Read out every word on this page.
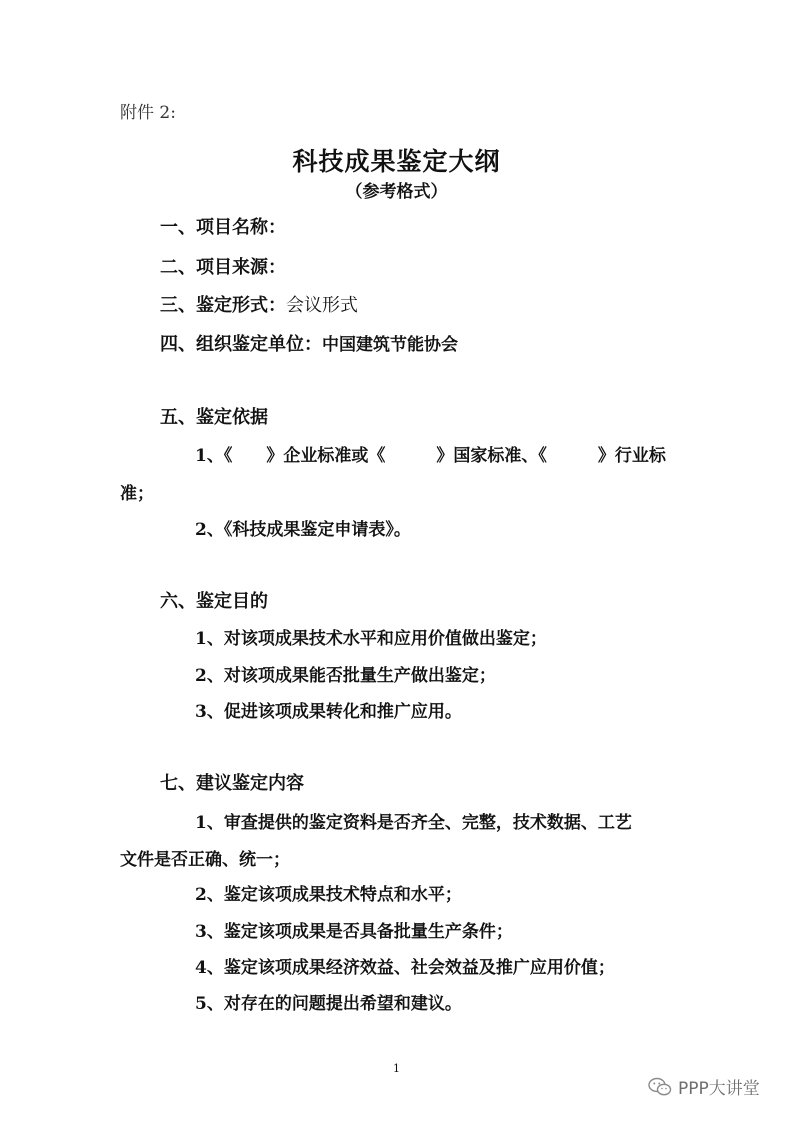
附件 2:
科技成果鉴定大纲
（参考格式）
一、项目名称：
二、项目来源：
三、鉴定形式：会议形式
四、组织鉴定单位：中国建筑节能协会
五、鉴定依据
1、《　　》企业标准或《　　　》国家标准、《　　　》行业标
准；
2、《科技成果鉴定申请表》。
六、鉴定目的
1、对该项成果技术水平和应用价值做出鉴定；
2、对该项成果能否批量生产做出鉴定；
3、促进该项成果转化和推广应用。
七、建议鉴定内容
1、审查提供的鉴定资料是否齐全、完整，技术数据、工艺
文件是否正确、统一；
2、鉴定该项成果技术特点和水平；
3、鉴定该项成果是否具备批量生产条件；
4、鉴定该项成果经济效益、社会效益及推广应用价值；
5、对存在的问题提出希望和建议。
1
PPP大讲堂
